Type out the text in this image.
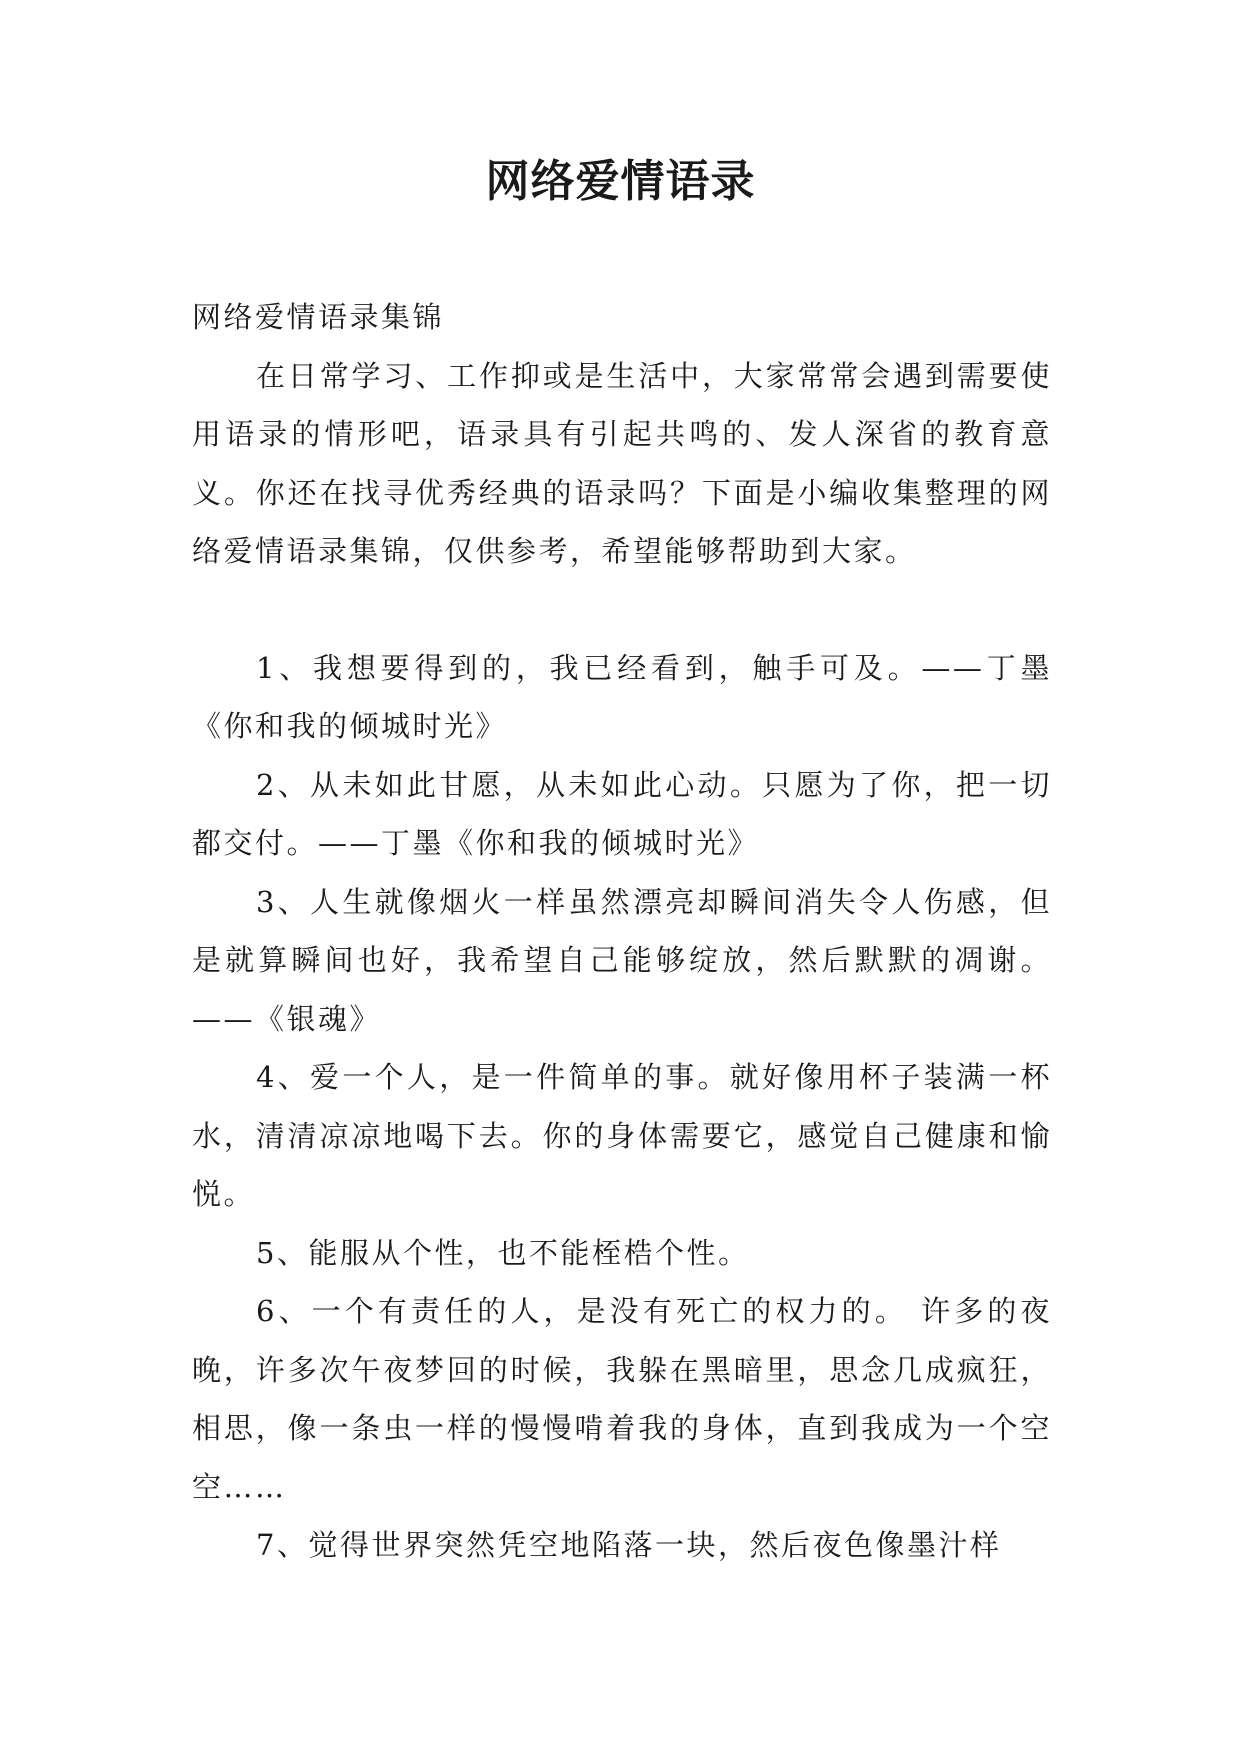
网络爱情语录

网络爱情语录集锦

在日常学习、工作抑或是生活中，大家常常会遇到需要使用语录的情形吧，语录具有引起共鸣的、发人深省的教育意义。你还在找寻优秀经典的语录吗？下面是小编收集整理的网络爱情语录集锦，仅供参考，希望能够帮助到大家。

1、我想要得到的，我已经看到，触手可及。——丁墨《你和我的倾城时光》

2、从未如此甘愿，从未如此心动。只愿为了你，把一切都交付。——丁墨《你和我的倾城时光》

3、人生就像烟火一样虽然漂亮却瞬间消失令人伤感，但是就算瞬间也好，我希望自己能够绽放，然后默默的凋谢。——《银魂》

4、爱一个人，是一件简单的事。就好像用杯子装满一杯水，清清凉凉地喝下去。你的身体需要它，感觉自己健康和愉悦。

5、能服从个性，也不能桎梏个性。

6、一个有责任的人，是没有死亡的权力的。 许多的夜晚，许多次午夜梦回的时候，我躲在黑暗里，思念几成疯狂，相思，像一条虫一样的慢慢啃着我的身体，直到我成为一个空空……

7、觉得世界突然凭空地陷落一块，然后夜色像墨汁样
